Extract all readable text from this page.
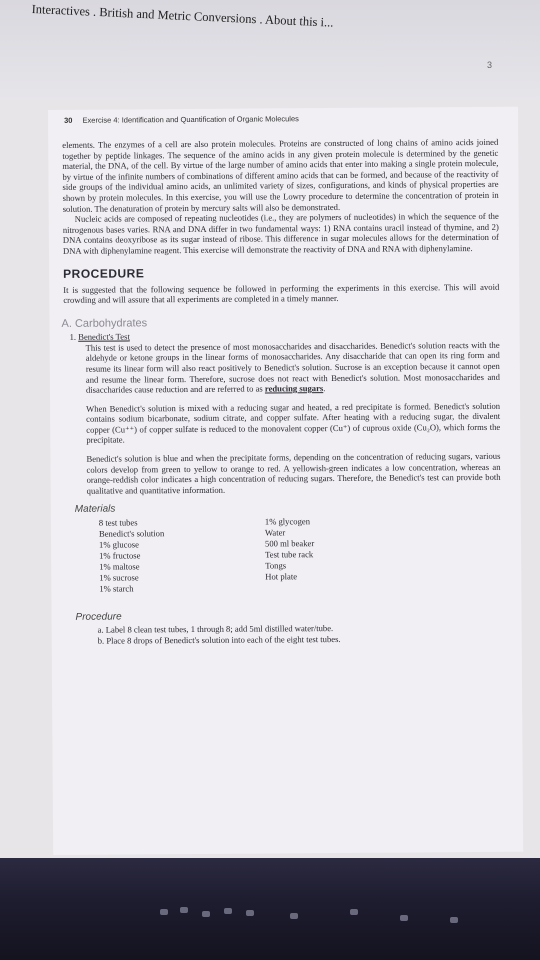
Interactives . British and Metric Conversions . About this i...
3
30 Exercise 4: Identification and Quantification of Organic Molecules

elements. The enzymes of a cell are also protein molecules. Proteins are constructed of long chains of amino acids joined together by peptide linkages. The sequence of the amino acids in any given protein molecule is determined by the genetic material, the DNA, of the cell. By virtue of the large number of amino acids that enter into making a single protein molecule, by virtue of the infinite numbers of combinations of different amino acids that can be formed, and because of the reactivity of side groups of the individual amino acids, an unlimited variety of sizes, configurations, and kinds of physical properties are shown by protein molecules. In this exercise, you will use the Lowry procedure to determine the concentration of protein in solution. The denaturation of protein by mercury salts will also be demonstrated.

Nucleic acids are composed of repeating nucleotides (i.e., they are polymers of nucleotides) in which the sequence of the nitrogenous bases varies. RNA and DNA differ in two fundamental ways: 1) RNA contains uracil instead of thymine, and 2) DNA contains deoxyribose as its sugar instead of ribose. This difference in sugar molecules allows for the determination of DNA with diphenylamine reagent. This exercise will demonstrate the reactivity of DNA and RNA with diphenylamine.

PROCEDURE

It is suggested that the following sequence be followed in performing the experiments in this exercise. This will avoid crowding and will assure that all experiments are completed in a timely manner.

A. Carbohydrates
1. Benedict's Test

This test is used to detect the presence of most monosaccharides and disaccharides. Benedict's solution reacts with the aldehyde or ketone groups in the linear forms of monosaccharides. Any disaccharide that can open its ring form and resume its linear form will also react positively to Benedict's solution. Sucrose is an exception because it cannot open and resume the linear form. Therefore, sucrose does not react with Benedict's solution. Most monosaccharides and disaccharides cause reduction and are referred to as reducing sugars.

When Benedict's solution is mixed with a reducing sugar and heated, a red precipitate is formed. Benedict's solution contains sodium bicarbonate, sodium citrate, and copper sulfate. After heating with a reducing sugar, the divalent copper (Cu⁺⁺) of copper sulfate is reduced to the monovalent copper (Cu⁺) of cuprous oxide (Cu₂O), which forms the precipitate.

Benedict's solution is blue and when the precipitate forms, depending on the concentration of reducing sugars, various colors develop from green to yellow to orange to red. A yellowish-green indicates a low concentration, whereas an orange-reddish color indicates a high concentration of reducing sugars. Therefore, the Benedict's test can provide both qualitative and quantitative information.

Materials
8 test tubes
Benedict's solution
1% glucose
1% fructose
1% maltose
1% sucrose
1% starch
1% glycogen
Water
500 ml beaker
Test tube rack
Tongs
Hot plate
Procedure
a. Label 8 clean test tubes, 1 through 8; add 5ml distilled water/tube.
b. Place 8 drops of Benedict's solution into each of the eight test tubes.
